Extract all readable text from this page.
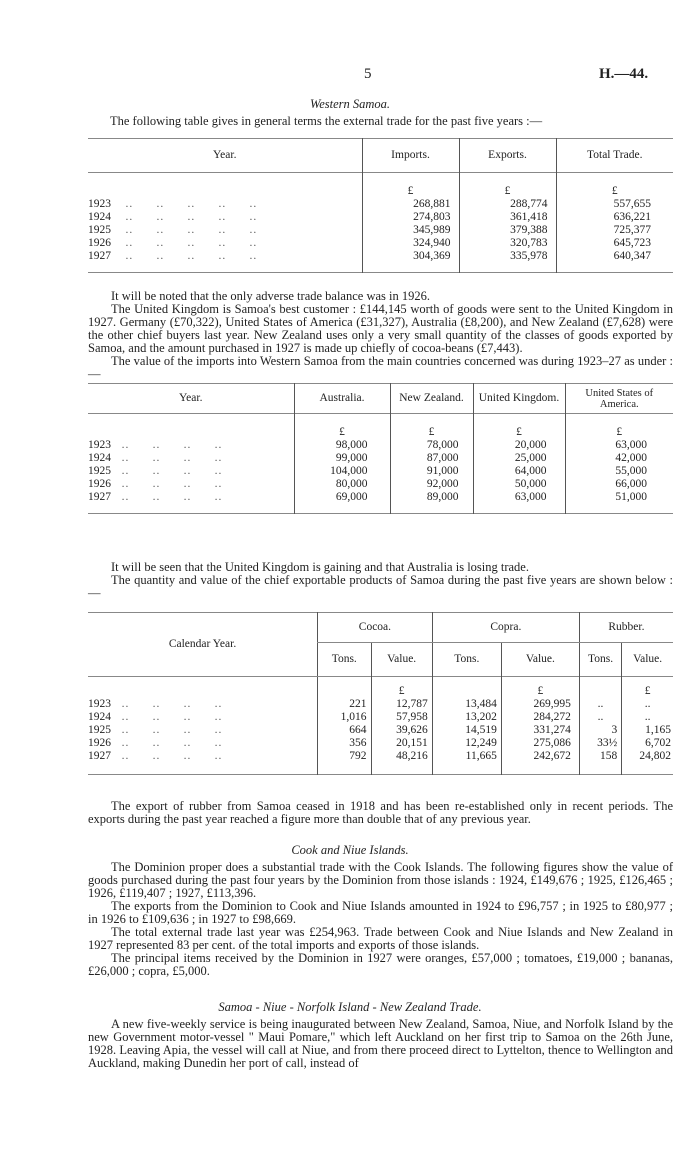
5	H.—44.
Western Samoa.

The following table gives in general terms the external trade for the past five years :—

Year.	Imports.	Exports.	Total Trade.

	£	£	£
1923    ..      ..      ..      ..      ..	268,881	288,774	557,655
1924    ..      ..      ..      ..      ..	274,803	361,418	636,221
1925    ..      ..      ..      ..      ..	345,989	379,388	725,377
1926    ..      ..      ..      ..      ..	324,940	320,783	645,723
1927    ..      ..      ..      ..      ..	304,369	335,978	640,347

It will be noted that the only adverse trade balance was in 1926.

The United Kingdom is Samoa's best customer : £144,145 worth of goods were sent to the United Kingdom in 1927. Germany (£70,322), United States of America (£31,327), Australia (£8,200), and New Zealand (£7,628) were the other chief buyers last year. New Zealand uses only a very small quantity of the classes of goods exported by Samoa, and the amount purchased in 1927 is made up chiefly of cocoa-beans (£7,443).

The value of the imports into Western Samoa from the main countries concerned was during 1923–27 as under :—

Year.	Australia.	New Zealand.	United Kingdom.	United States of America.

	£	£	£	£
1923   ..      ..      ..      ..	98,000	78,000	20,000	63,000
1924   ..      ..      ..      ..	99,000	87,000	25,000	42,000
1925   ..      ..      ..      ..	104,000	91,000	64,000	55,000
1926   ..      ..      ..      ..	80,000	92,000	50,000	66,000
1927   ..      ..      ..      ..	69,000	89,000	63,000	51,000

It will be seen that the United Kingdom is gaining and that Australia is losing trade.

The quantity and value of the chief exportable products of Samoa during the past five years are shown below :—

Calendar Year.	Cocoa.		Copra.		Rubber.	
	Tons.	Value.	Tons.	Value.	Tons.	Value.

		£		£		£
1923   ..      ..      ..      ..	221	12,787	13,484	269,995	..	..
1924   ..      ..      ..      ..	1,016	57,958	13,202	284,272	..	..
1925   ..      ..      ..      ..	664	39,626	14,519	331,274	3	1,165
1926   ..      ..      ..      ..	356	20,151	12,249	275,086	33½	6,702
1927   ..      ..      ..      ..	792	48,216	11,665	242,672	158	24,802

The export of rubber from Samoa ceased in 1918 and has been re-established only in recent periods. The exports during the past year reached a figure more than double that of any previous year.

Cook and Niue Islands.

The Dominion proper does a substantial trade with the Cook Islands. The following figures show the value of goods purchased during the past four years by the Dominion from those islands : 1924, £149,676 ; 1925, £126,465 ; 1926, £119,407 ; 1927, £113,396.

The exports from the Dominion to Cook and Niue Islands amounted in 1924 to £96,757 ; in 1925 to £80,977 ; in 1926 to £109,636 ; in 1927 to £98,669.

The total external trade last year was £254,963. Trade between Cook and Niue Islands and New Zealand in 1927 represented 83 per cent. of the total imports and exports of those islands.

The principal items received by the Dominion in 1927 were oranges, £57,000 ; tomatoes, £19,000 ; bananas, £26,000 ; copra, £5,000.

Samoa - Niue - Norfolk Island - New Zealand Trade.

A new five-weekly service is being inaugurated between New Zealand, Samoa, Niue, and Norfolk Island by the new Government motor-vessel " Maui Pomare," which left Auckland on her first trip to Samoa on the 26th June, 1928. Leaving Apia, the vessel will call at Niue, and from there proceed direct to Lyttelton, thence to Wellington and Auckland, making Dunedin her port of call, instead of
